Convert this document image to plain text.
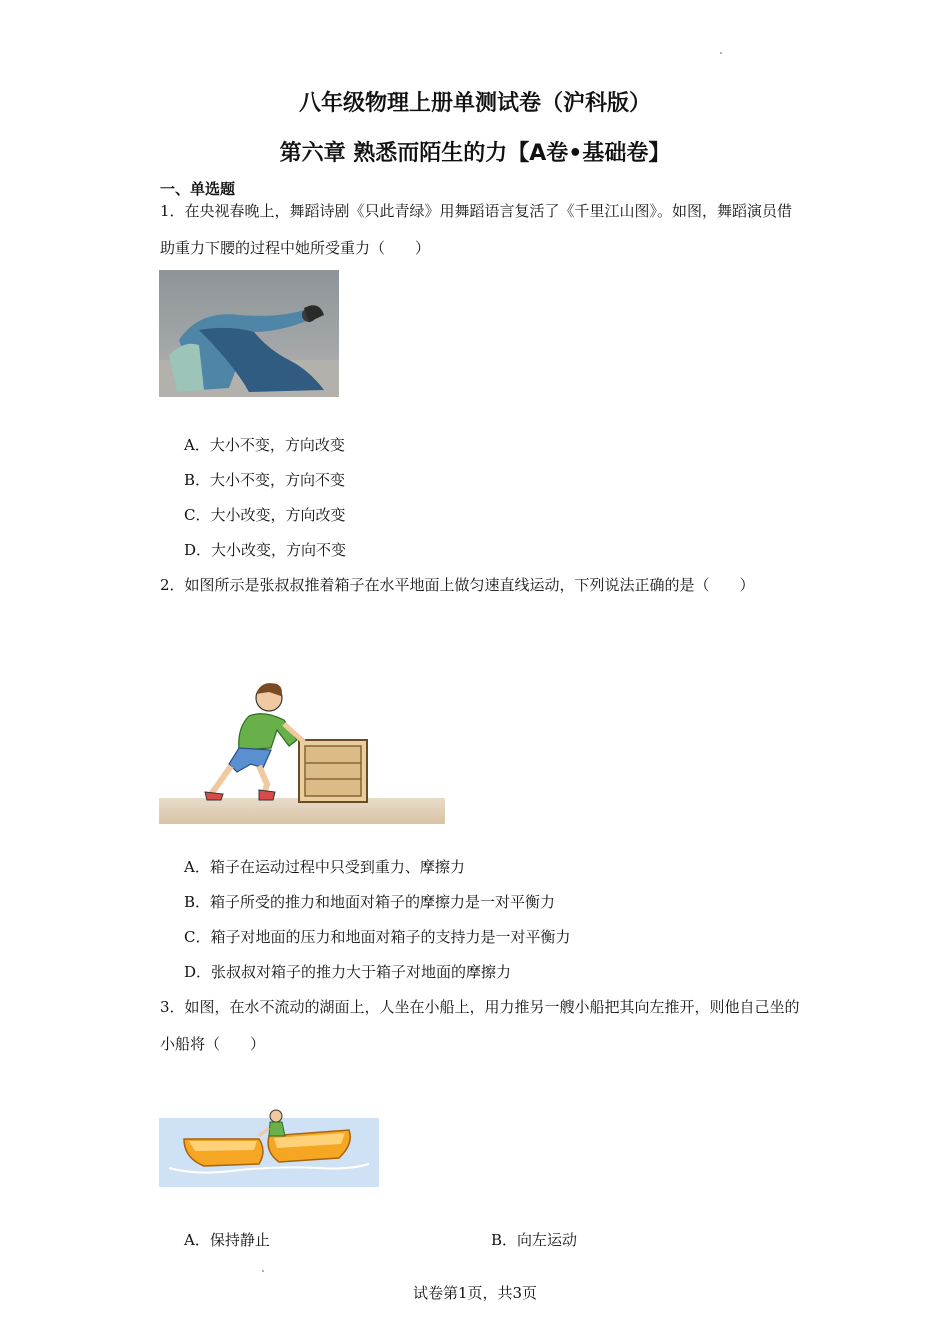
八年级物理上册单测试卷（沪科版）
第六章 熟悉而陌生的力【A卷•基础卷】
一、单选题
1．在央视春晚上，舞蹈诗剧《只此青绿》用舞蹈语言复活了《千里江山图》。如图，舞蹈演员借助重力下腰的过程中她所受重力（　　）
A．大小不变，方向改变
B．大小不变，方向不变
C．大小改变，方向改变
D．大小改变，方向不变
2．如图所示是张叔叔推着箱子在水平地面上做匀速直线运动，下列说法正确的是（　　）
A．箱子在运动过程中只受到重力、摩擦力
B．箱子所受的推力和地面对箱子的摩擦力是一对平衡力
C．箱子对地面的压力和地面对箱子的支持力是一对平衡力
D．张叔叔对箱子的推力大于箱子对地面的摩擦力
3．如图，在水不流动的湖面上，人坐在小船上，用力推另一艘小船把其向左推开，则他自己坐的小船将（　　）
A．保持静止	B．向左运动
试卷第1页，共3页
